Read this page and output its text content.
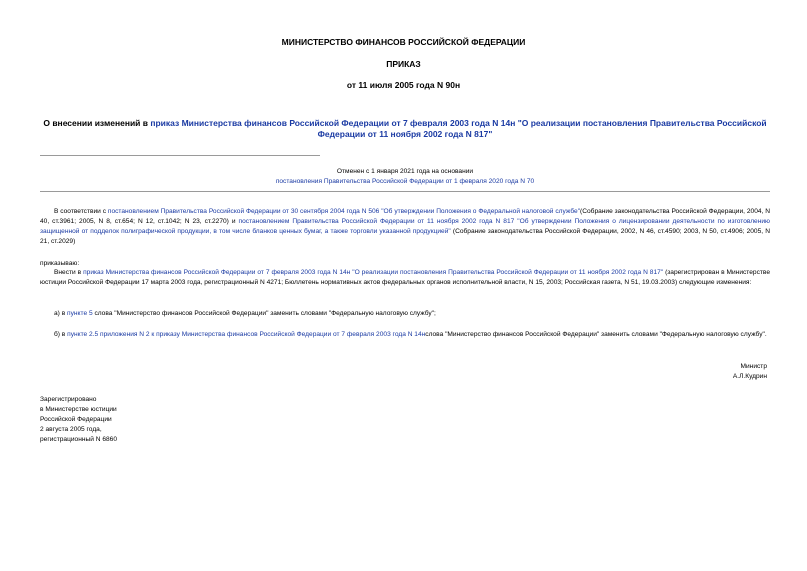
МИНИСТЕРСТВО ФИНАНСОВ РОССИЙСКОЙ ФЕДЕРАЦИИ
ПРИКАЗ
от 11 июля 2005 года N 90н
О внесении изменений в приказ Министерства финансов Российской Федерации от 7 февраля 2003 года N 14н "О реализации постановления Правительства Российской Федерации от 11 ноября 2002 года N 817"
Отменен с 1 января 2021 года на основании
постановления Правительства Российской Федерации от 1 февраля 2020 года N 70
В соответствии с постановлением Правительства Российской Федерации от 30 сентября 2004 года N 506 "Об утверждении Положения о Федеральной налоговой службе"(Собрание законодательства Российской Федерации, 2004, N 40, ст.3961; 2005, N 8, ст.654; N 12, ст.1042; N 23, ст.2270) и постановлением Правительства Российской Федерации от 11 ноября 2002 года N 817 "Об утверждении Положения о лицензировании деятельности по изготовлению защищенной от подделок полиграфической продукции, в том числе бланков ценных бумаг, а также торговли указанной продукцией" (Собрание законодательства Российской Федерации, 2002, N 46, ст.4590; 2003, N 50, ст.4906; 2005, N 21, ст.2029)
приказываю:
Внести в приказ Министерства финансов Российской Федерации от 7 февраля 2003 года N 14н "О реализации постановления Правительства Российской Федерации от 11 ноября 2002 года N 817" (зарегистрирован в Министерстве юстиции Российской Федерации 17 марта 2003 года, регистрационный N 4271; Бюллетень нормативных актов федеральных органов исполнительной власти, N 15, 2003; Российская газета, N 51, 19.03.2003) следующие изменения:
а) в пункте 5 слова "Министерство финансов Российской Федерации" заменить словами "Федеральную налоговую службу";
б) в пункте 2.5 приложения N 2 к приказу Министерства финансов Российской Федерации от 7 февраля 2003 года N 14нслова "Министерство финансов Российской Федерации" заменить словами "Федеральную налоговую службу".
Министр
А.Л.Кудрин
Зарегистрировано
в Министерстве юстиции
Российской Федерации
2 августа 2005 года,
регистрационный N 6860
